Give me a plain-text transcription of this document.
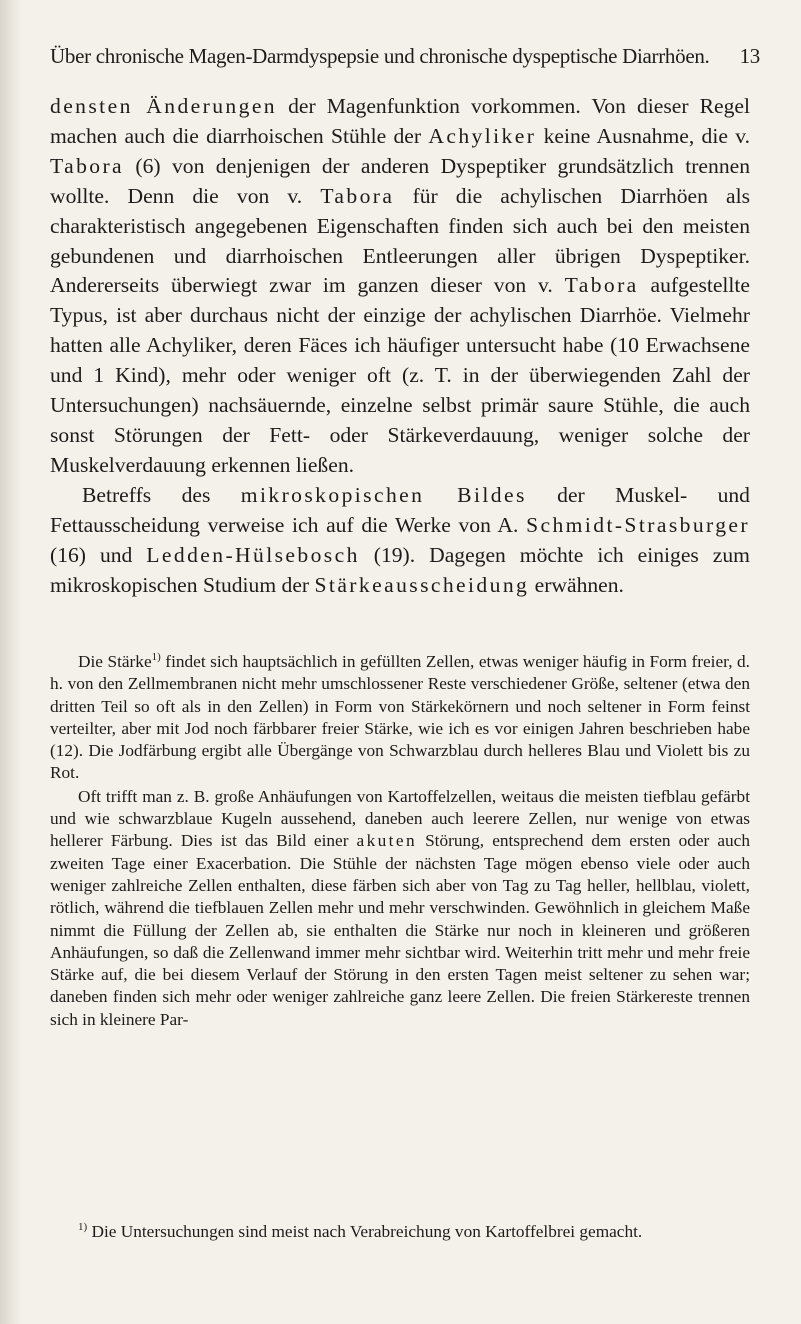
Über chronische Magen-Darmdyspepsie und chronische dyspeptische Diarrhöen. 13

densten Änderungen der Magenfunktion vorkommen. Von dieser Regel machen auch die diarrhoischen Stühle der Achyliker keine Ausnahme, die v. Tabora (6) von denjenigen der anderen Dyspeptiker grundsätzlich trennen wollte. Denn die von v. Tabora für die achylischen Diarrhöen als charakteristisch angegebenen Eigenschaften finden sich auch bei den meisten gebundenen und diarrhoischen Entleerungen aller übrigen Dyspeptiker. Andererseits überwiegt zwar im ganzen dieser von v. Tabora aufgestellte Typus, ist aber durchaus nicht der einzige der achylischen Diarrhöe. Vielmehr hatten alle Achyliker, deren Fäces ich häufiger untersucht habe (10 Erwachsene und 1 Kind), mehr oder weniger oft (z. T. in der überwiegenden Zahl der Untersuchungen) nachsäuernde, einzelne selbst primär saure Stühle, die auch sonst Störungen der Fett- oder Stärkeverdauung, weniger solche der Muskelverdauung erkennen ließen.

Betreffs des mikroskopischen Bildes der Muskel- und Fettausscheidung verweise ich auf die Werke von A. Schmidt-Strasburger (16) und Ledden-Hülsebosch (19). Dagegen möchte ich einiges zum mikroskopischen Studium der Stärkeausscheidung erwähnen.

Die Stärke$^{1)}$ findet sich hauptsächlich in gefüllten Zellen, etwas weniger häufig in Form freier, d. h. von den Zellmembranen nicht mehr umschlossener Reste verschiedener Größe, seltener (etwa den dritten Teil so oft als in den Zellen) in Form von Stärkekörnern und noch seltener in Form feinst verteilter, aber mit Jod noch färbbarer freier Stärke, wie ich es vor einigen Jahren beschrieben habe (12). Die Jodfärbung ergibt alle Übergänge von Schwarzblau durch helleres Blau und Violett bis zu Rot.

Oft trifft man z. B. große Anhäufungen von Kartoffelzellen, weitaus die meisten tiefblau gefärbt und wie schwarzblaue Kugeln aussehend, daneben auch leerere Zellen, nur wenige von etwas hellerer Färbung. Dies ist das Bild einer akuten Störung, entsprechend dem ersten oder auch zweiten Tage einer Exacerbation. Die Stühle der nächsten Tage mögen ebenso viele oder auch weniger zahlreiche Zellen enthalten, diese färben sich aber von Tag zu Tag heller, hellblau, violett, rötlich, während die tiefblauen Zellen mehr und mehr verschwinden. Gewöhnlich in gleichem Maße nimmt die Füllung der Zellen ab, sie enthalten die Stärke nur noch in kleineren und größeren Anhäufungen, so daß die Zellenwand immer mehr sichtbar wird. Weiterhin tritt mehr und mehr freie Stärke auf, die bei diesem Verlauf der Störung in den ersten Tagen meist seltener zu sehen war; daneben finden sich mehr oder weniger zahlreiche ganz leere Zellen. Die freien Stärkereste trennen sich in kleinere Par-

$^{1)}$ Die Untersuchungen sind meist nach Verabreichung von Kartoffelbrei gemacht.
